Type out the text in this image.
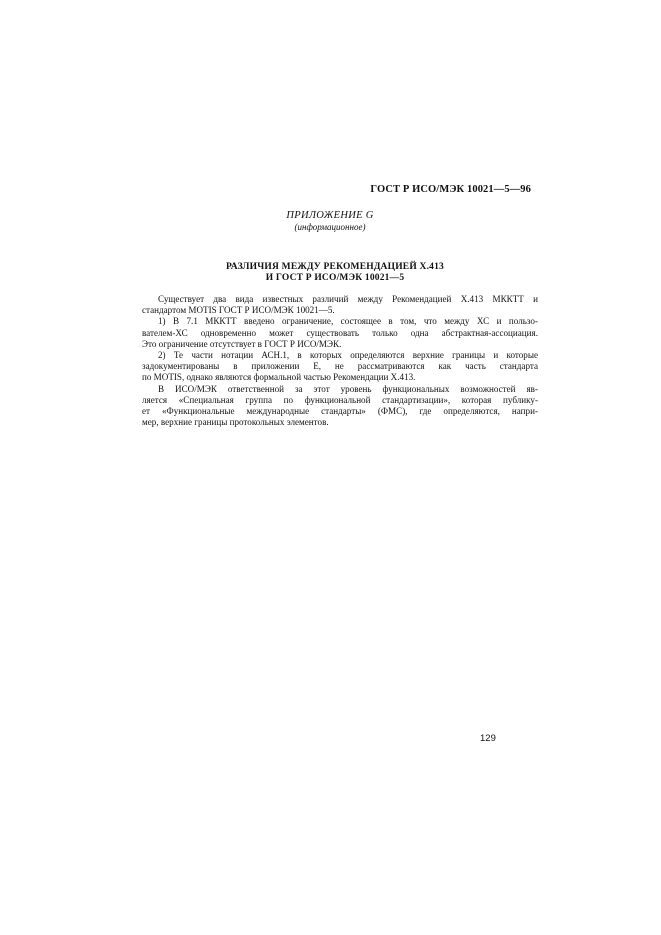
ГОСТ Р ИСО/МЭК 10021—5—96
ПРИЛОЖЕНИЕ G
(информационное)
РАЗЛИЧИЯ МЕЖДУ РЕКОМЕНДАЦИЕЙ X.413
И ГОСТ Р ИСО/МЭК 10021—5
Существует два вида известных различий между Рекомендацией X.413 МККТТ и
стандартом MOTIS ГОСТ Р ИСО/МЭК 10021—5.
1) В 7.1 МККТТ введено ограничение, состоящее в том, что между ХС и пользо-
вателем-ХС одновременно может существовать только одна абстрактная-ассоциация.
Это ограничение отсутствует в ГОСТ Р ИСО/МЭК.
2) Те части нотации АСН.1, в которых определяются верхние границы и которые
задокументированы в приложении Е, не рассматриваются как часть стандарта
по MOTIS, однако являются формальной частью Рекомендации X.413.
В ИСО/МЭК ответственной за этот уровень функциональных возможностей яв-
ляется «Специальная группа по функциональной стандартизации», которая публику-
ет «Функциональные международные стандарты» (ФМС), где определяются, напри-
мер, верхние границы протокольных элементов.
129
